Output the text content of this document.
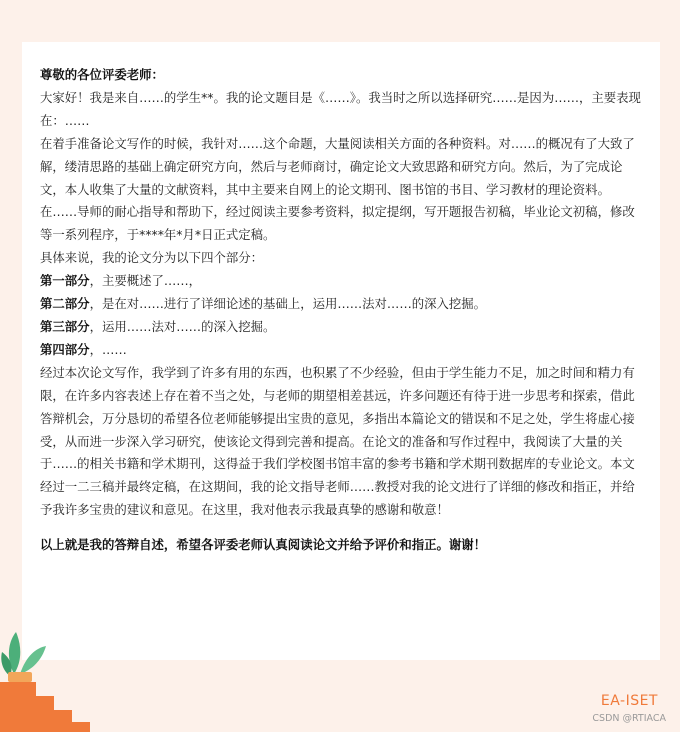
尊敬的各位评委老师：

大家好！我是来自……的学生**。我的论文题目是《……》。我当时之所以选择研究……是因为……，主要表现在：……

在着手准备论文写作的时候，我针对……这个命题，大量阅读相关方面的各种资料。对……的概况有了大致了解，缕清思路的基础上确定研究方向，然后与老师商讨，确定论文大致思路和研究方向。然后，为了完成论文，本人收集了大量的文献资料，其中主要来自网上的论文期刊、图书馆的书目、学习教材的理论资料。在……导师的耐心指导和帮助下，经过阅读主要参考资料，拟定提纲，写开题报告初稿，毕业论文初稿，修改等一系列程序，于****年*月*日正式定稿。

具体来说，我的论文分为以下四个部分：

第一部分，主要概述了……，

第二部分，是在对……进行了详细论述的基础上，运用……法对……的深入挖掘。

第三部分，运用……法对……的深入挖掘。

第四部分，……

经过本次论文写作，我学到了许多有用的东西，也积累了不少经验，但由于学生能力不足，加之时间和精力有限，在许多内容表述上存在着不当之处，与老师的期望相差甚远，许多问题还有待于进一步思考和探索，借此答辩机会，万分恳切的希望各位老师能够提出宝贵的意见，多指出本篇论文的错误和不足之处，学生将虚心接受，从而进一步深入学习研究，使该论文得到完善和提高。在论文的准备和写作过程中，我阅读了大量的关于……的相关书籍和学术期刊，这得益于我们学校图书馆丰富的参考书籍和学术期刊数据库的专业论文。本文经过一二三稿并最终定稿，在这期间，我的论文指导老师……教授对我的论文进行了详细的修改和指正，并给予我许多宝贵的建议和意见。在这里，我对他表示我最真挚的感谢和敬意！

以上就是我的答辩自述，希望各评委老师认真阅读论文并给予评价和指正。谢谢！

EA-ISET
CSDN @RTIACA
